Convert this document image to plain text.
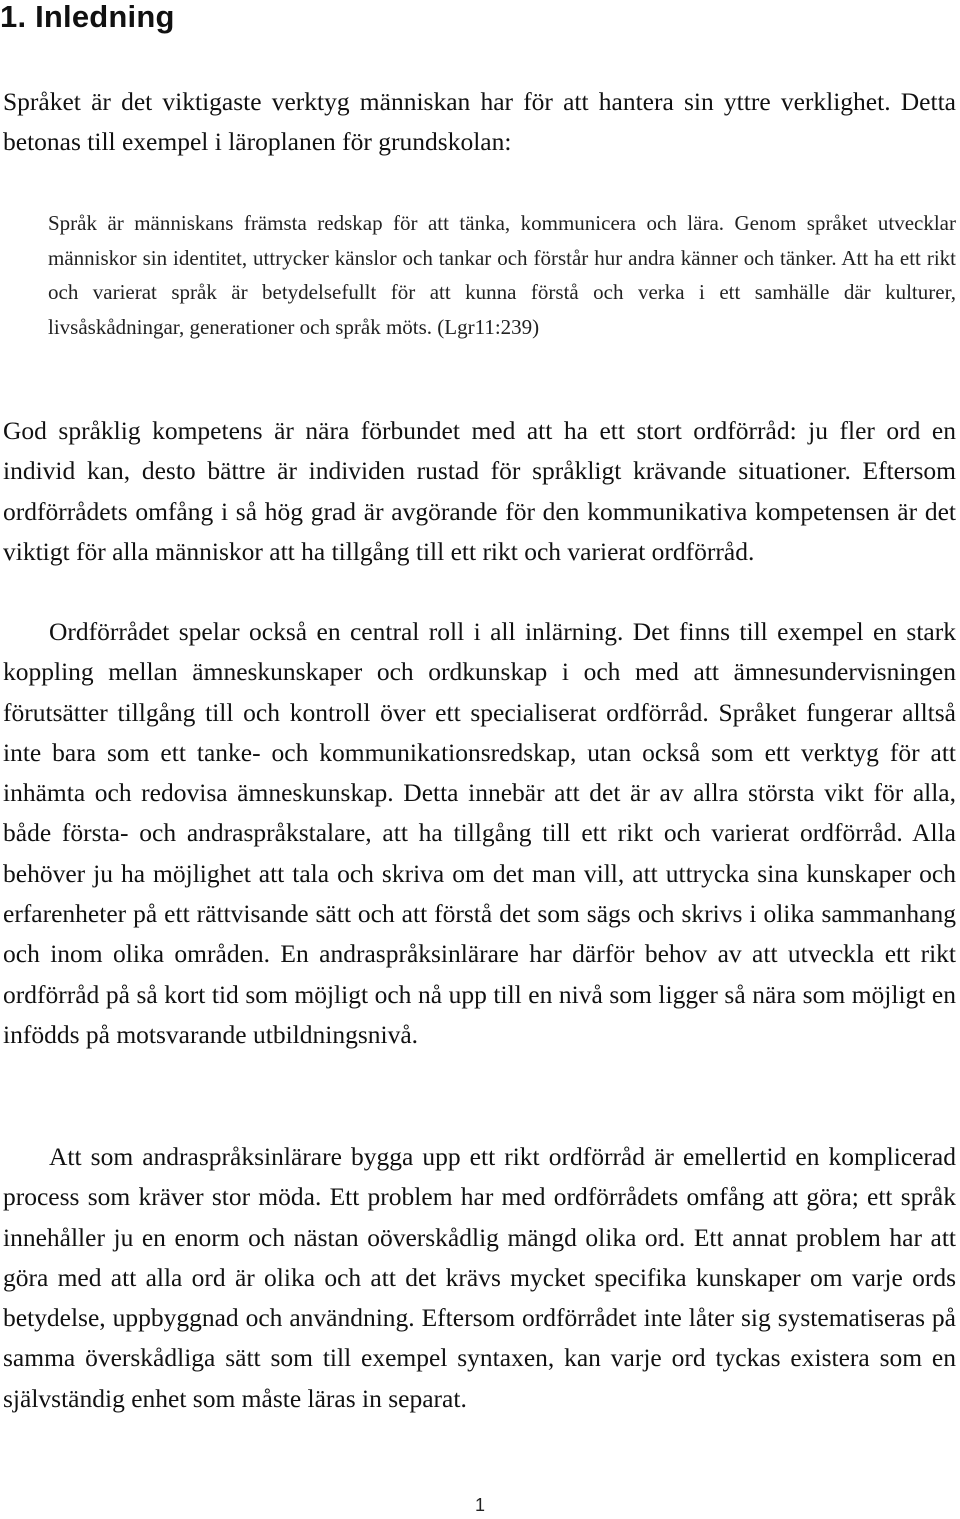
1. Inledning

Språket är det viktigaste verktyg människan har för att hantera sin yttre verklighet. Detta betonas till exempel i läroplanen för grundskolan:

Språk är människans främsta redskap för att tänka, kommunicera och lära. Genom språket utvecklar människor sin identitet, uttrycker känslor och tankar och förstår hur andra känner och tänker. Att ha ett rikt och varierat språk är betydelsefullt för att kunna förstå och verka i ett samhälle där kulturer, livsåskådningar, generationer och språk möts. (Lgr11:239)

God språklig kompetens är nära förbundet med att ha ett stort ordförråd: ju fler ord en individ kan, desto bättre är individen rustad för språkligt krävande situationer. Eftersom ordförrådets omfång i så hög grad är avgörande för den kommunikativa kompetensen är det viktigt för alla människor att ha tillgång till ett rikt och varierat ordförråd.

Ordförrådet spelar också en central roll i all inlärning. Det finns till exempel en stark koppling mellan ämneskunskaper och ordkunskap i och med att ämnesundervisningen förutsätter tillgång till och kontroll över ett specialiserat ordförråd. Språket fungerar alltså inte bara som ett tanke- och kommunikationsredskap, utan också som ett verktyg för att inhämta och redovisa ämneskunskap. Detta innebär att det är av allra största vikt för alla, både första- och andraspråkstalare, att ha tillgång till ett rikt och varierat ordförråd. Alla behöver ju ha möjlighet att tala och skriva om det man vill, att uttrycka sina kunskaper och erfarenheter på ett rättvisande sätt och att förstå det som sägs och skrivs i olika sammanhang och inom olika områden. En andraspråksinlärare har därför behov av att utveckla ett rikt ordförråd på så kort tid som möjligt och nå upp till en nivå som ligger så nära som möjligt en infödds på motsvarande utbildningsnivå.

Att som andraspråksinlärare bygga upp ett rikt ordförråd är emellertid en komplicerad process som kräver stor möda. Ett problem har med ordförrådets omfång att göra; ett språk innehåller ju en enorm och nästan oöverskådlig mängd olika ord. Ett annat problem har att göra med att alla ord är olika och att det krävs mycket specifika kunskaper om varje ords betydelse, uppbyggnad och användning. Eftersom ordförrådet inte låter sig systematiseras på samma överskådliga sätt som till exempel syntaxen, kan varje ord tyckas existera som en självständig enhet som måste läras in separat.

1
